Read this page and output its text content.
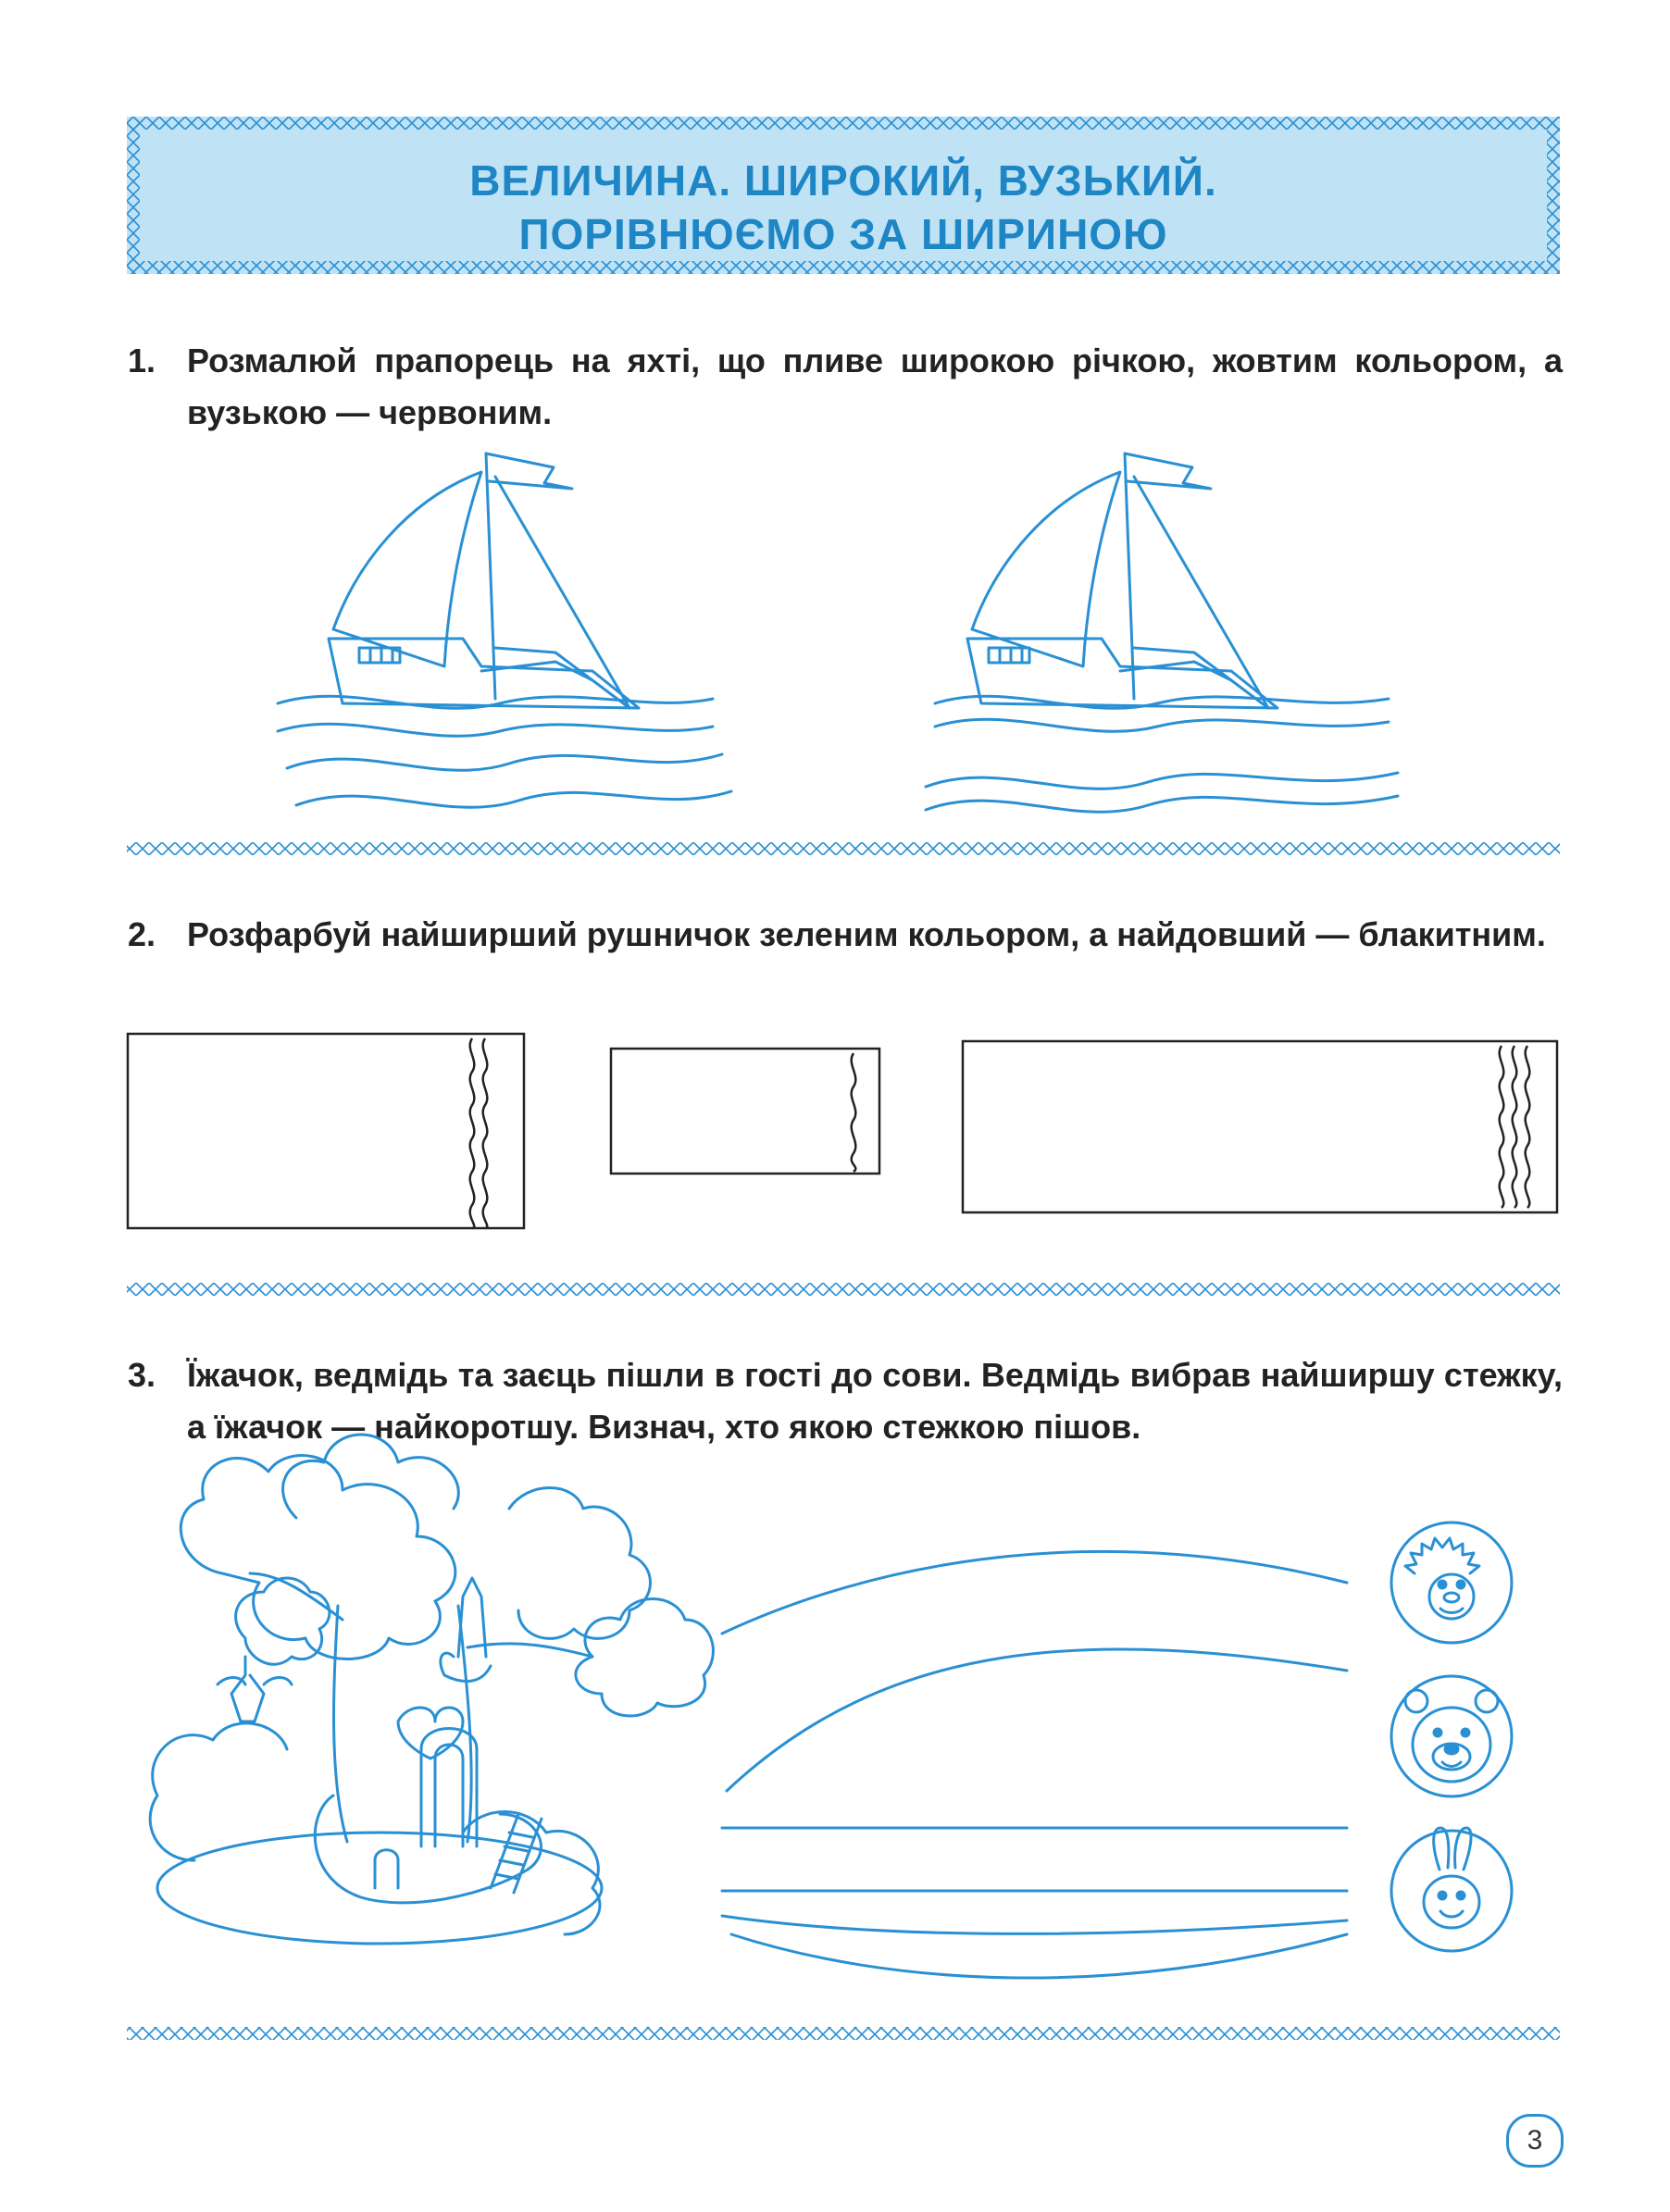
ВЕЛИЧИНА. ШИРОКИЙ, ВУЗЬКИЙ.
ПОРІВНЮЄМО ЗА ШИРИНОЮ
1. Розмалюй прапорець на яхті, що пливе широкою річкою, жовтим кольором, а вузькою — червоним.
2. Розфарбуй найширший рушничок зеленим кольором, а найдовший — блакитним.
3. Їжачок, ведмідь та заєць пішли в гості до сови. Ведмідь вибрав найширшу стежку, а їжачок — найкоротшу. Визнач, хто якою стежкою пішов.
3
